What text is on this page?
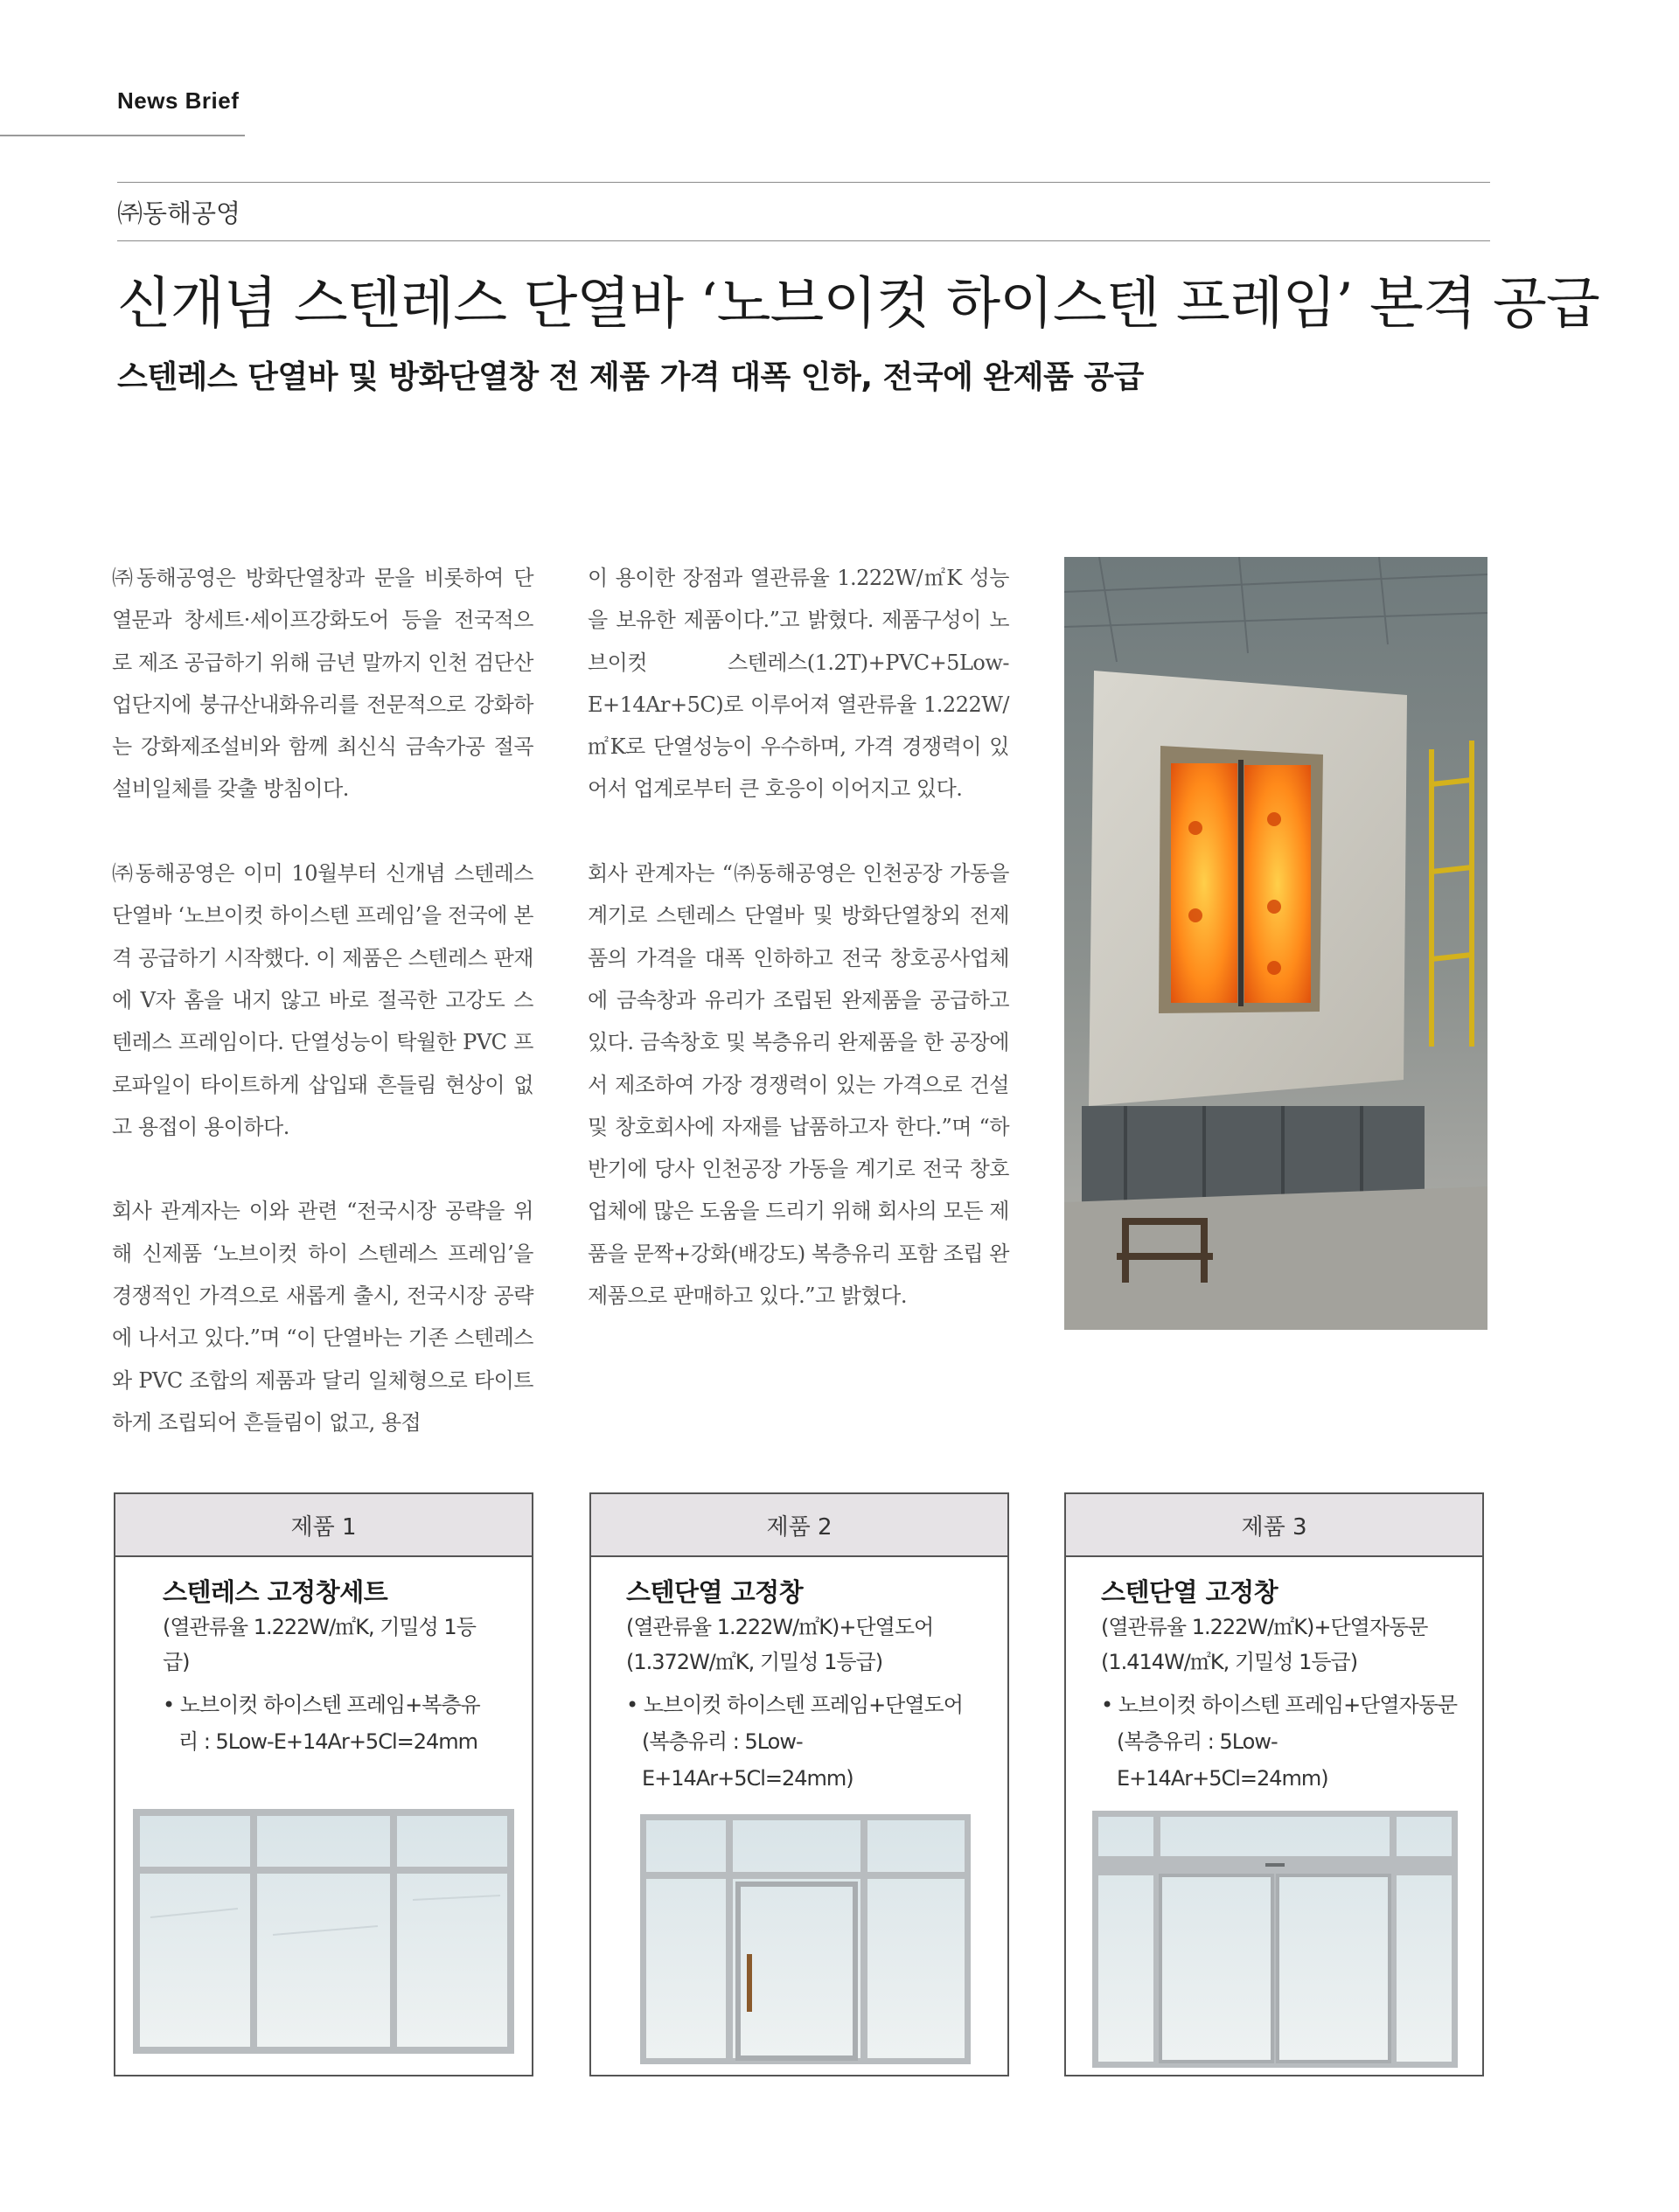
News Brief
㈜동해공영
신개념 스텐레스 단열바 ‘노브이컷 하이스텐 프레임’ 본격 공급
스텐레스 단열바 및 방화단열창 전 제품 가격 대폭 인하, 전국에 완제품 공급

㈜동해공영은 방화단열창과 문을 비롯하여 단열문과 창세트·세이프강화도어 등을 전국적으로 제조 공급하기 위해 금년 말까지 인천 검단산업단지에 붕규산내화유리를 전문적으로 강화하는 강화제조설비와 함께 최신식 금속가공 절곡 설비일체를 갖출 방침이다.

㈜동해공영은 이미 10월부터 신개념 스텐레스 단열바 ‘노브이컷 하이스텐 프레임’을 전국에 본격 공급하기 시작했다. 이 제품은 스텐레스 판재에 V자 홈을 내지 않고 바로 절곡한 고강도 스텐레스 프레임이다. 단열성능이 탁월한 PVC 프로파일이 타이트하게 삽입돼 흔들림 현상이 없고 용접이 용이하다.

회사 관계자는 이와 관련 “전국시장 공략을 위해 신제품 ‘노브이컷 하이 스텐레스 프레임’을 경쟁적인 가격으로 새롭게 출시, 전국시장 공략에 나서고 있다.”며 “이 단열바는 기존 스텐레스와 PVC 조합의 제품과 달리 일체형으로 타이트하게 조립되어 흔들림이 없고, 용접

이 용이한 장점과 열관류율 1.222W/㎡K 성능을 보유한 제품이다.”고 밝혔다. 제품구성이 노브이컷 스텐레스(1.2T)+PVC+5Low-E+14Ar+5C)로 이루어져 열관류율 1.222W/㎡K로 단열성능이 우수하며, 가격 경쟁력이 있어서 업계로부터 큰 호응이 이어지고 있다.

회사 관계자는 “㈜동해공영은 인천공장 가동을 계기로 스텐레스 단열바 및 방화단열창외 전제품의 가격을 대폭 인하하고 전국 창호공사업체에 금속창과 유리가 조립된 완제품을 공급하고 있다. 금속창호 및 복층유리 완제품을 한 공장에서 제조하여 가장 경쟁력이 있는 가격으로 건설 및 창호회사에 자재를 납품하고자 한다.”며 “하반기에 당사 인천공장 가동을 계기로 전국 창호업체에 많은 도움을 드리기 위해 회사의 모든 제품을 문짝+강화(배강도) 복층유리 포함 조립 완제품으로 판매하고 있다.”고 밝혔다.

제품 1
스텐레스 고정창세트
(열관류율 1.222W/㎡K, 기밀성 1등급)
• 노브이컷 하이스텐 프레임+복층유리 : 5Low-E+14Ar+5Cl=24mm
제품 2
스텐단열 고정창
(열관류율 1.222W/㎡K)+단열도어(1.372W/㎡K, 기밀성 1등급)
• 노브이컷 하이스텐 프레임+단열도어(복층유리 : 5Low-E+14Ar+5Cl=24mm)
제품 3
스텐단열 고정창
(열관류율 1.222W/㎡K)+단열자동문(1.414W/㎡K, 기밀성 1등급)
• 노브이컷 하이스텐 프레임+단열자동문(복층유리 : 5Low-E+14Ar+5Cl=24mm)
